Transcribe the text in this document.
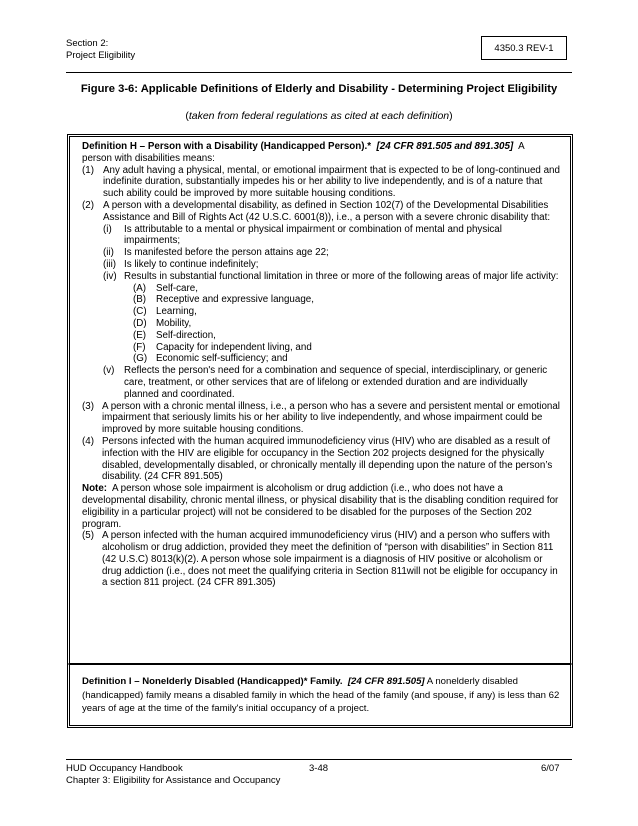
Section 2:
Project Eligibility
4350.3 REV-1
Figure 3-6: Applicable Definitions of Elderly and Disability - Determining Project Eligibility
(taken from federal regulations as cited at each definition)

Definition H – Person with a Disability (Handicapped Person).* [24 CFR 891.505 and 891.305] A
person with disabilities means:

(1) Any adult having a physical, mental, or emotional impairment that is expected to be of long-continued and indefinite duration, substantially impedes his or her ability to live independently, and is of a nature that such ability could be improved by more suitable housing conditions.
(2) A person with a developmental disability, as defined in Section 102(7) of the Developmental Disabilities Assistance and Bill of Rights Act (42 U.S.C. 6001(8)), i.e., a person with a severe chronic disability that:
(i)	Is attributable to a mental or physical impairment or combination of mental and physical impairments;
(ii)	Is manifested before the person attains age 22;
(iii) Is likely to continue indefinitely;
(iv) Results in substantial functional limitation in three or more of the following areas of major life activity:
(A)	Self-care,
(B)	Receptive and expressive language,
(C) Learning,
(D) Mobility,
(E)	Self-direction,
(F)	Capacity for independent living, and
(G) Economic self-sufficiency; and
(v) Reflects the person's need for a combination and sequence of special, interdisciplinary, or generic care, treatment, or other services that are of lifelong or extended duration and are individually planned and coordinated.
(3) A person with a chronic mental illness, i.e., a person who has a severe and persistent mental or emotional impairment that seriously limits his or her ability to live independently, and whose impairment could be improved by more suitable housing conditions.
(4) Persons infected with the human acquired immunodeficiency virus (HIV) who are disabled as a result of infection with the HIV are eligible for occupancy in the Section 202 projects designed for the physically disabled, developmentally disabled, or chronically mentally ill depending upon the nature of the person’s disability. (24 CFR 891.505)

Note: A person whose sole impairment is alcoholism or drug addiction (i.e., who does not have a developmental disability, chronic mental illness, or physical disability that is the disabling condition required for eligibility in a particular project) will not be considered to be disabled for the purposes of the Section 202 program.

(5) A person infected with the human acquired immunodeficiency virus (HIV) and a person who suffers with alcoholism or drug addiction, provided they meet the definition of “person with disabilities” in Section 811 (42 U.S.C) 8013(k)(2). A person whose sole impairment is a diagnosis of HIV positive or alcoholism or drug addiction (i.e., does not meet the qualifying criteria in Section 811will not be eligible for occupancy in a section 811 project. (24 CFR 891.305)

Definition I – Nonelderly Disabled (Handicapped)* Family. [24 CFR 891.505] A nonelderly disabled (handicapped) family means a disabled family in which the head of the family (and spouse, if any) is less than 62 years of age at the time of the family's initial occupancy of a project.

HUD Occupancy Handbook
Chapter 3: Eligibility for Assistance and Occupancy
3-48	6/07
